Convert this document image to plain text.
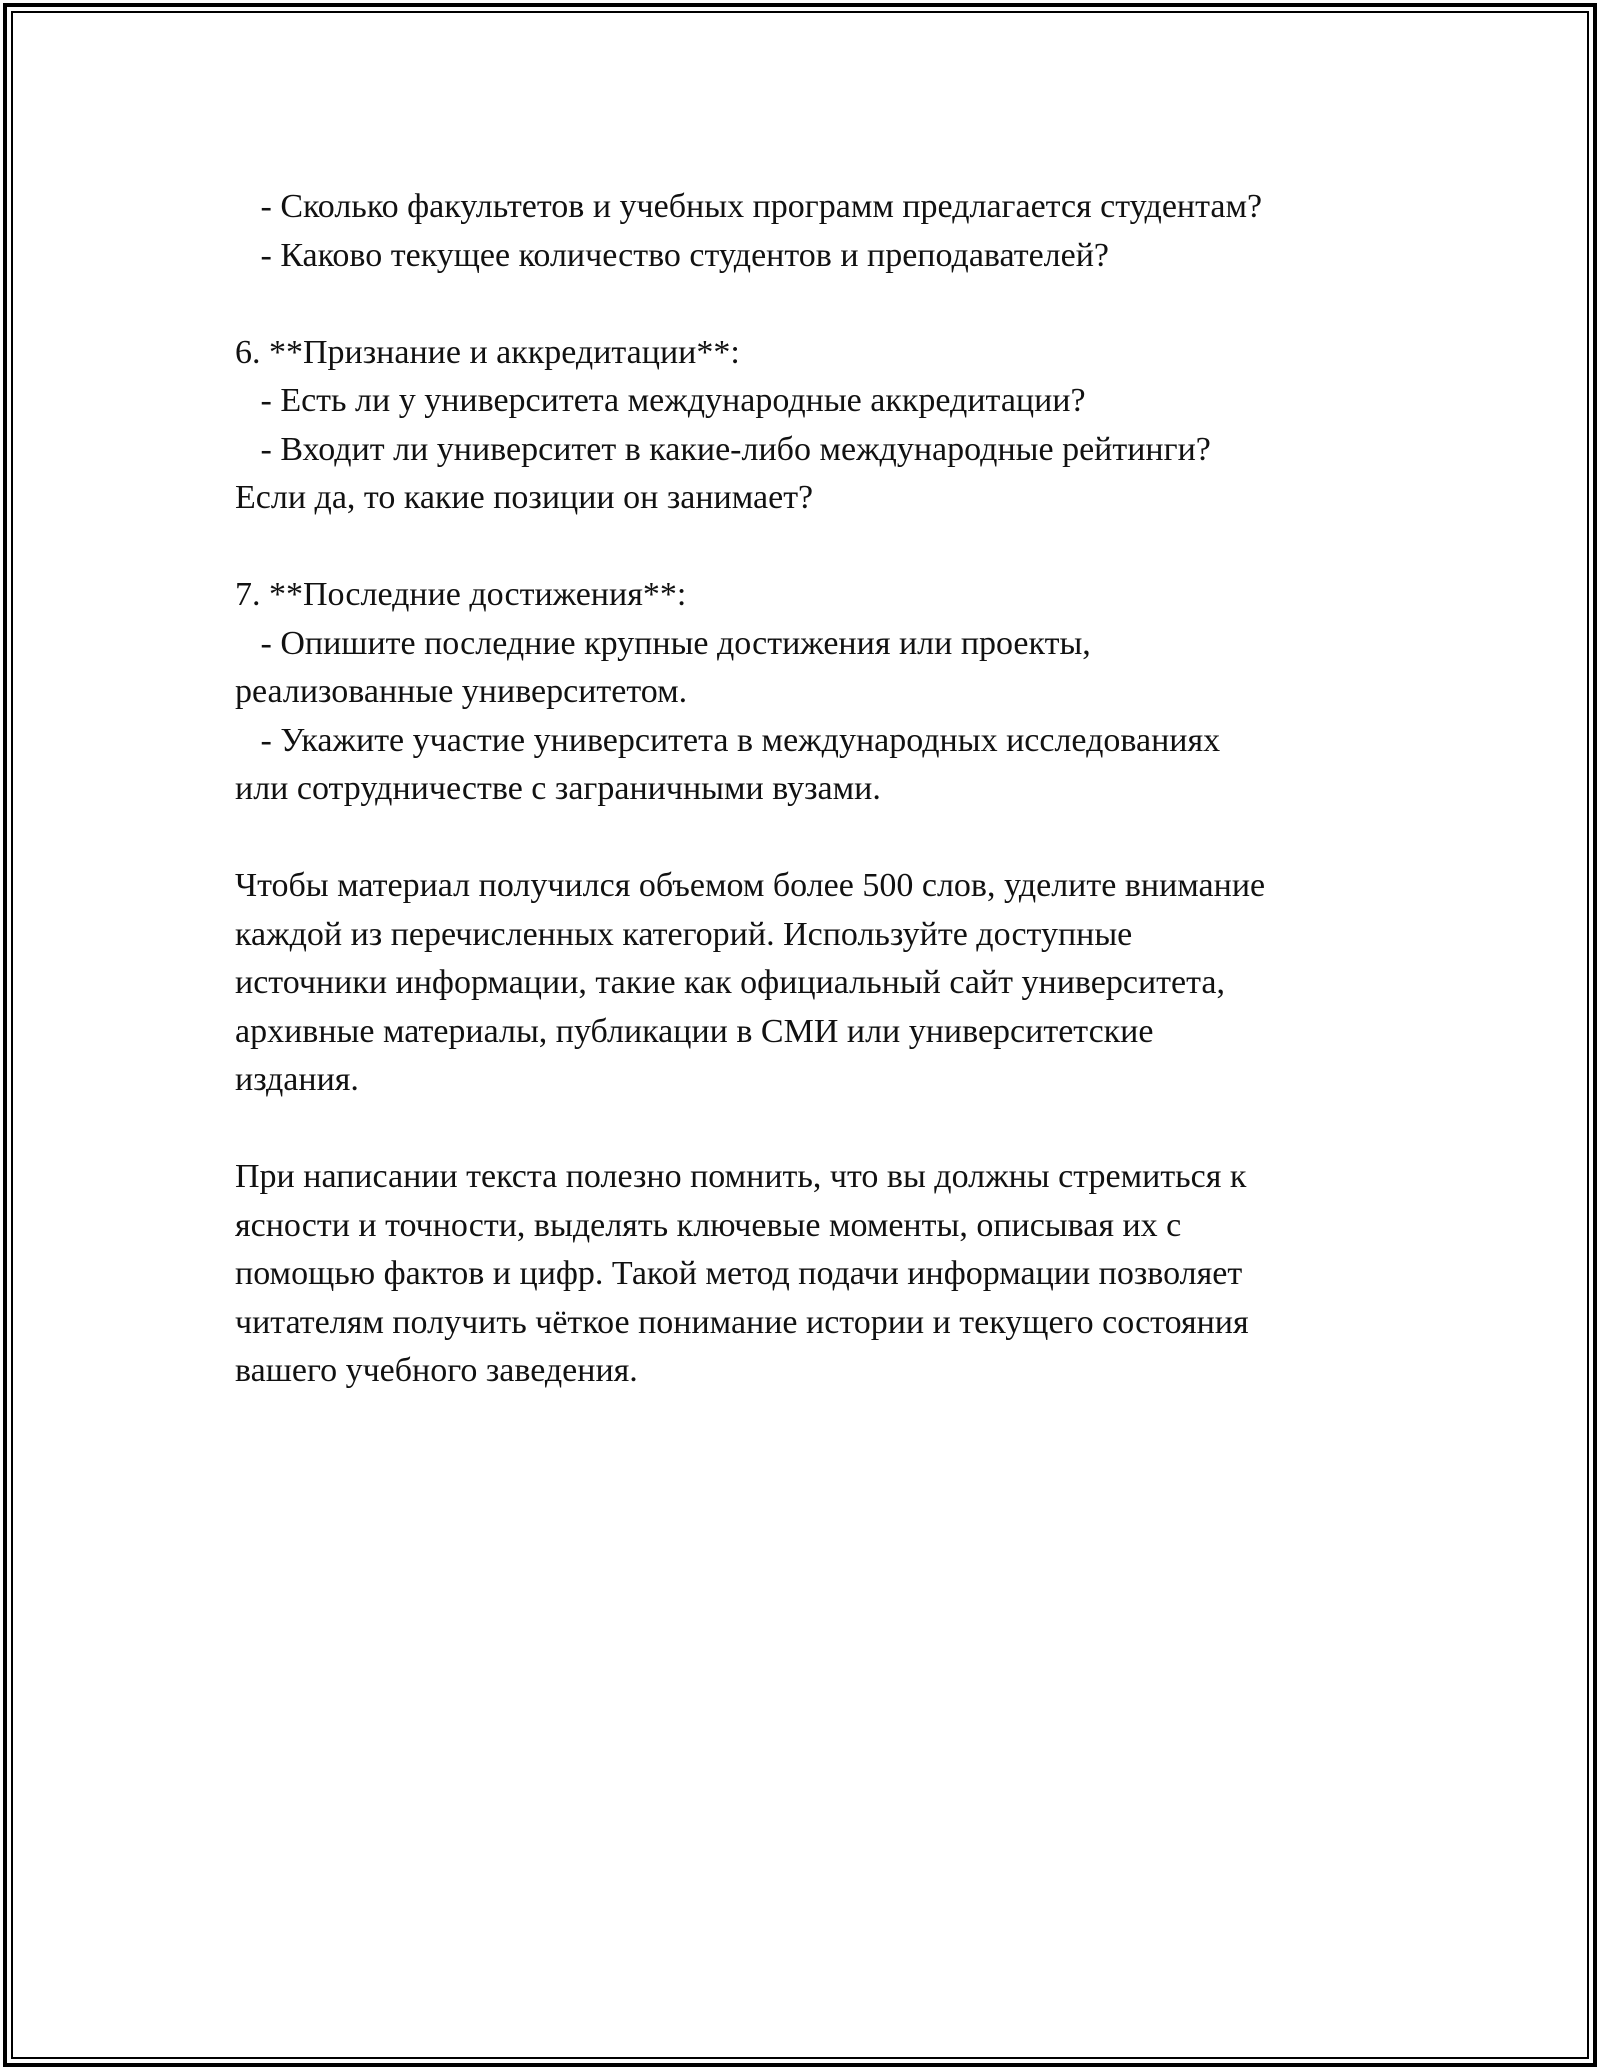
- Сколько факультетов и учебных программ предлагается студентам?
- Каково текущее количество студентов и преподавателей?
6. **Признание и аккредитации**:
- Есть ли у университета международные аккредитации?
- Входит ли университет в какие-либо международные рейтинги?
Если да, то какие позиции он занимает?
7. **Последние достижения**:
- Опишите последние крупные достижения или проекты,
реализованные университетом.
- Укажите участие университета в международных исследованиях
или сотрудничестве с заграничными вузами.
Чтобы материал получился объемом более 500 слов, уделите внимание
каждой из перечисленных категорий. Используйте доступные
источники информации, такие как официальный сайт университета,
архивные материалы, публикации в СМИ или университетские
издания.
При написании текста полезно помнить, что вы должны стремиться к
ясности и точности, выделять ключевые моменты, описывая их с
помощью фактов и цифр. Такой метод подачи информации позволяет
читателям получить чёткое понимание истории и текущего состояния
вашего учебного заведения.
